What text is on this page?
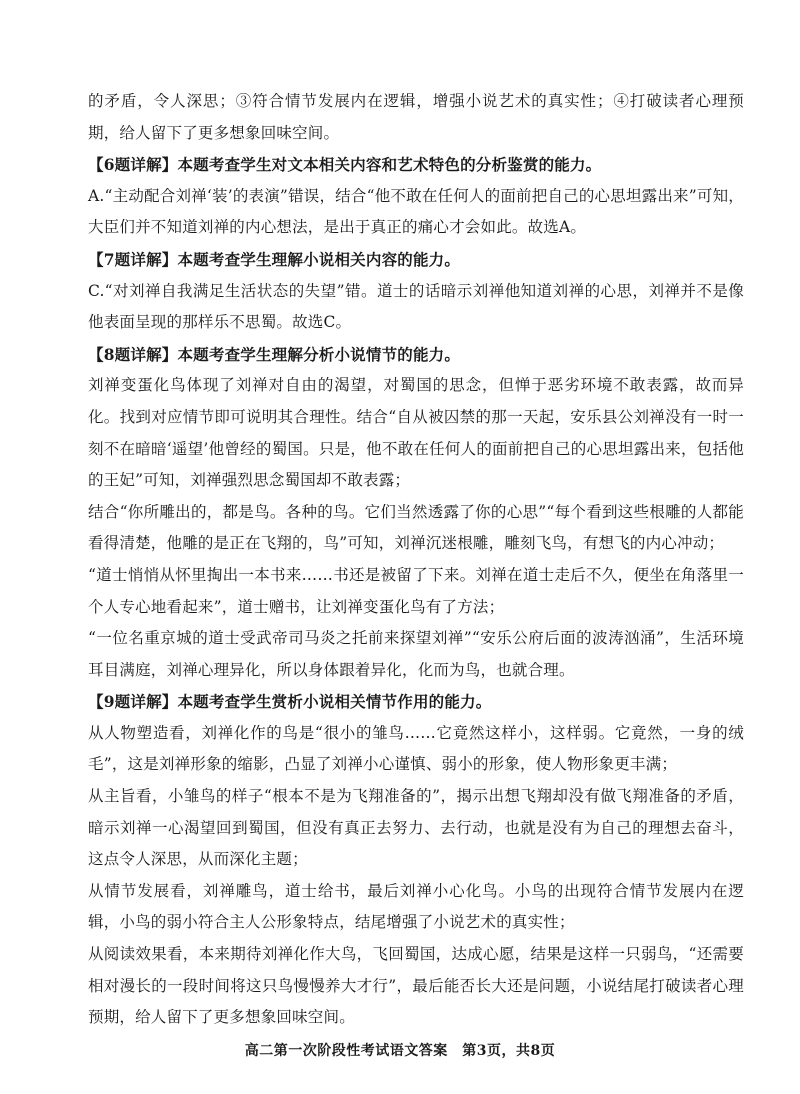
的矛盾，令人深思；③符合情节发展内在逻辑，增强小说艺术的真实性；④打破读者心理预期，给人留下了更多想象回味空间。

【6题详解】本题考查学生对文本相关内容和艺术特色的分析鉴赏的能力。

A.“主动配合刘禅‘装’的表演”错误，结合“他不敢在任何人的面前把自己的心思坦露出来”可知，大臣们并不知道刘禅的内心想法，是出于真正的痛心才会如此。故选A。

【7题详解】本题考查学生理解小说相关内容的能力。

C.“对刘禅自我满足生活状态的失望”错。道士的话暗示刘禅他知道刘禅的心思，刘禅并不是像他表面呈现的那样乐不思蜀。故选C。

【8题详解】本题考查学生理解分析小说情节的能力。

刘禅变蛋化鸟体现了刘禅对自由的渴望，对蜀国的思念，但惮于恶劣环境不敢表露，故而异化。找到对应情节即可说明其合理性。结合“自从被囚禁的那一天起，安乐县公刘禅没有一时一刻不在暗暗‘遥望’他曾经的蜀国。只是，他不敢在任何人的面前把自己的心思坦露出来，包括他的王妃”可知，刘禅强烈思念蜀国却不敢表露；

结合“你所雕出的，都是鸟。各种的鸟。它们当然透露了你的心思”“每个看到这些根雕的人都能看得清楚，他雕的是正在飞翔的，鸟”可知，刘禅沉迷根雕，雕刻飞鸟，有想飞的内心冲动；

“道士悄悄从怀里掏出一本书来……书还是被留了下来。刘禅在道士走后不久，便坐在角落里一个人专心地看起来”，道士赠书，让刘禅变蛋化鸟有了方法；

“一位名重京城的道士受武帝司马炎之托前来探望刘禅”“安乐公府后面的波涛汹涌”，生活环境耳目满庭，刘禅心理异化，所以身体跟着异化，化而为鸟，也就合理。

【9题详解】本题考查学生赏析小说相关情节作用的能力。

从人物塑造看，刘禅化作的鸟是“很小的雏鸟……它竟然这样小，这样弱。它竟然，一身的绒毛”，这是刘禅形象的缩影，凸显了刘禅小心谨慎、弱小的形象，使人物形象更丰满；

从主旨看，小雏鸟的样子“根本不是为飞翔准备的”，揭示出想飞翔却没有做飞翔准备的矛盾，暗示刘禅一心渴望回到蜀国，但没有真正去努力、去行动，也就是没有为自己的理想去奋斗，这点令人深思，从而深化主题；

从情节发展看，刘禅雕鸟，道士给书，最后刘禅小心化鸟。小鸟的出现符合情节发展内在逻辑，小鸟的弱小符合主人公形象特点，结尾增强了小说艺术的真实性；

从阅读效果看，本来期待刘禅化作大鸟，飞回蜀国，达成心愿，结果是这样一只弱鸟，“还需要相对漫长的一段时间将这只鸟慢慢养大才行”，最后能否长大还是问题，小说结尾打破读者心理预期，给人留下了更多想象回味空间。

高二第一次阶段性考试语文答案　第3页，共8页
